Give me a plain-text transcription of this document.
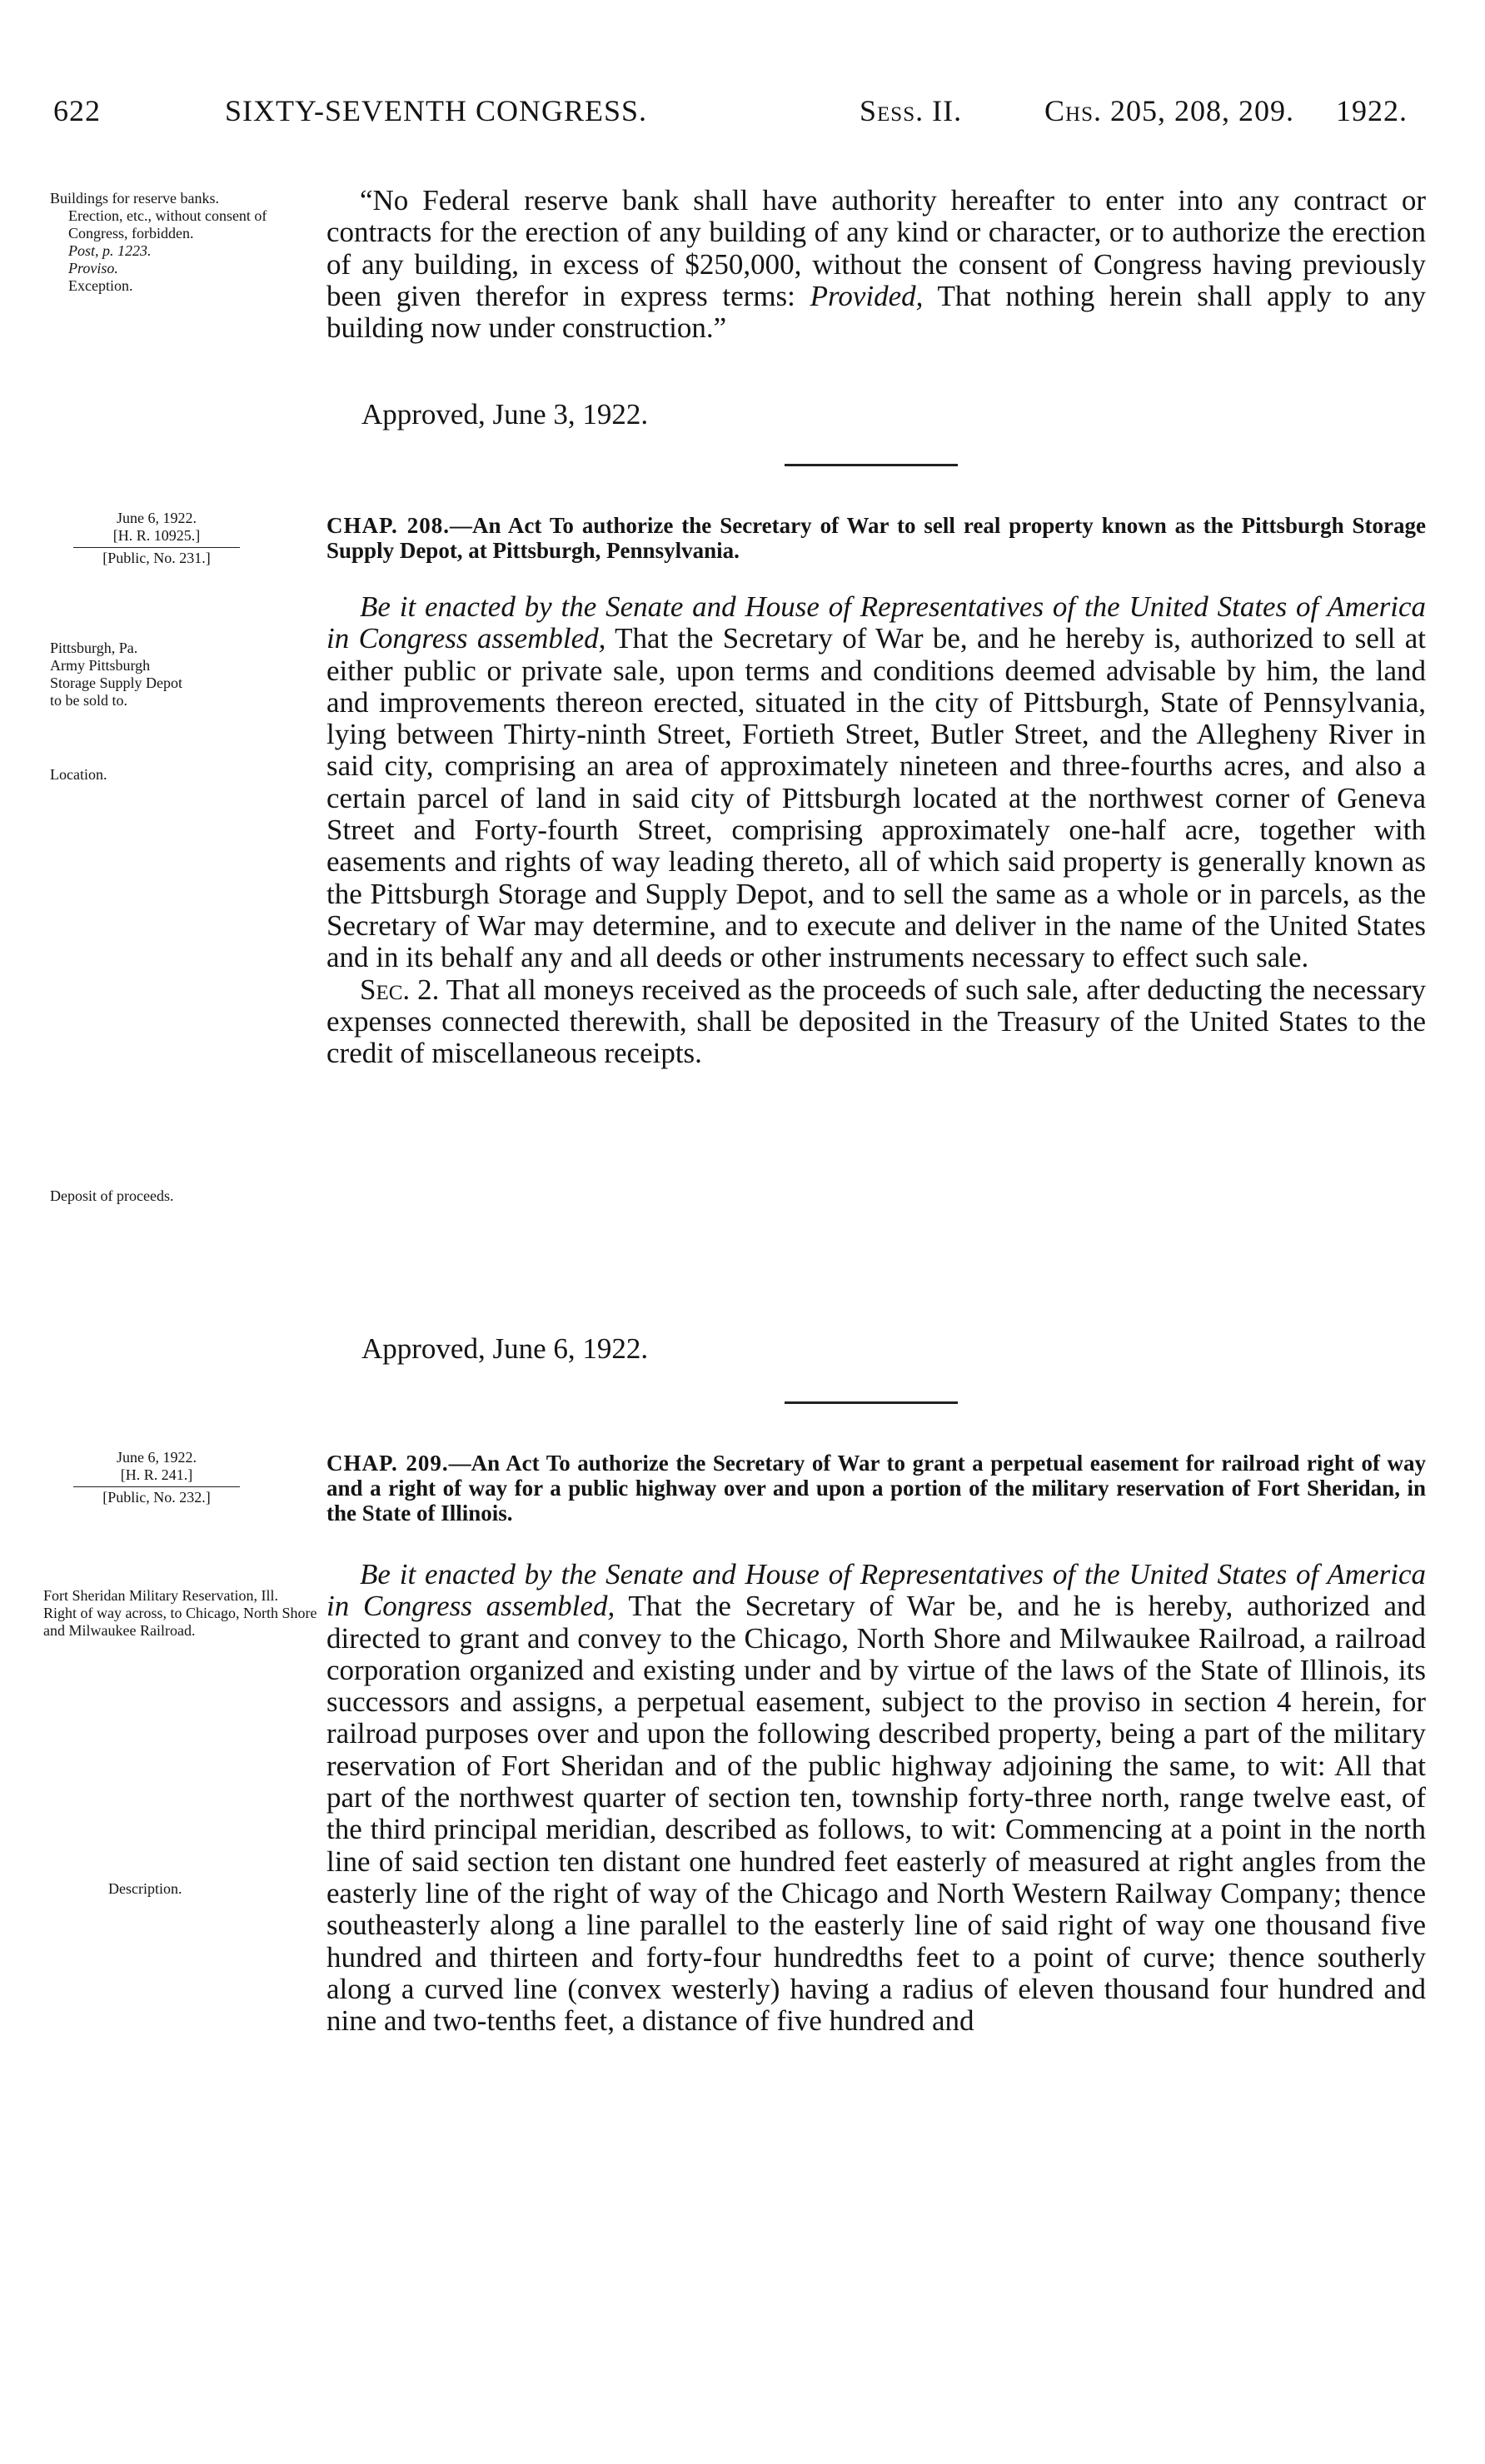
622	SIXTY-SEVENTH CONGRESS.	Sess. II.	Chs. 205, 208, 209. 1922.
Buildings for reserve banks.
Erection, etc., without consent of Congress, forbidden.
Post, p. 1223.
Proviso.
Exception.

“No Federal reserve bank shall have authority hereafter to enter into any contract or contracts for the erection of any building of any kind or character, or to authorize the erection of any building, in excess of $250,000, without the consent of Congress having previously been given therefor in express terms: Provided, That nothing herein shall apply to any building now under construction.”

Approved, June 3, 1922.
June 6, 1922.
[H. R. 10925.]
[Public, No. 231.]
CHAP. 208.—An Act To authorize the Secretary of War to sell real property known as the Pittsburgh Storage Supply Depot, at Pittsburgh, Pennsylvania.
Pittsburgh, Pa.
Army Pittsburgh Storage Supply Depot to be sold to.
Location.
Deposit of proceeds.

Be it enacted by the Senate and House of Representatives of the United States of America in Congress assembled, That the Secretary of War be, and he hereby is, authorized to sell at either public or private sale, upon terms and conditions deemed advisable by him, the land and improvements thereon erected, situated in the city of Pittsburgh, State of Pennsylvania, lying between Thirty-ninth Street, Fortieth Street, Butler Street, and the Allegheny River in said city, comprising an area of approximately nineteen and three-fourths acres, and also a certain parcel of land in said city of Pittsburgh located at the northwest corner of Geneva Street and Forty-fourth Street, comprising approximately one-half acre, together with easements and rights of way leading thereto, all of which said property is generally known as the Pittsburgh Storage and Supply Depot, and to sell the same as a whole or in parcels, as the Secretary of War may determine, and to execute and deliver in the name of the United States and in its behalf any and all deeds or other instruments necessary to effect such sale.

Sec. 2. That all moneys received as the proceeds of such sale, after deducting the necessary expenses connected therewith, shall be deposited in the Treasury of the United States to the credit of miscellaneous receipts.

Approved, June 6, 1922.
June 6, 1922.
[H. R. 241.]
[Public, No. 232.]
CHAP. 209.—An Act To authorize the Secretary of War to grant a perpetual easement for railroad right of way and a right of way for a public highway over and upon a portion of the military reservation of Fort Sheridan, in the State of Illinois.
Fort Sheridan Military Reservation, Ill.
Right of way across, to Chicago, North Shore and Milwaukee Railroad.
Description.

Be it enacted by the Senate and House of Representatives of the United States of America in Congress assembled, That the Secretary of War be, and he is hereby, authorized and directed to grant and convey to the Chicago, North Shore and Milwaukee Railroad, a railroad corporation organized and existing under and by virtue of the laws of the State of Illinois, its successors and assigns, a perpetual easement, subject to the proviso in section 4 herein, for railroad purposes over and upon the following described property, being a part of the military reservation of Fort Sheridan and of the public highway adjoining the same, to wit: All that part of the northwest quarter of section ten, township forty-three north, range twelve east, of the third principal meridian, described as follows, to wit: Commencing at a point in the north line of said section ten distant one hundred feet easterly of measured at right angles from the easterly line of the right of way of the Chicago and North Western Railway Company; thence southeasterly along a line parallel to the easterly line of said right of way one thousand five hundred and thirteen and forty-four hundredths feet to a point of curve; thence southerly along a curved line (convex westerly) having a radius of eleven thousand four hundred and nine and two-tenths feet, a distance of five hundred and
